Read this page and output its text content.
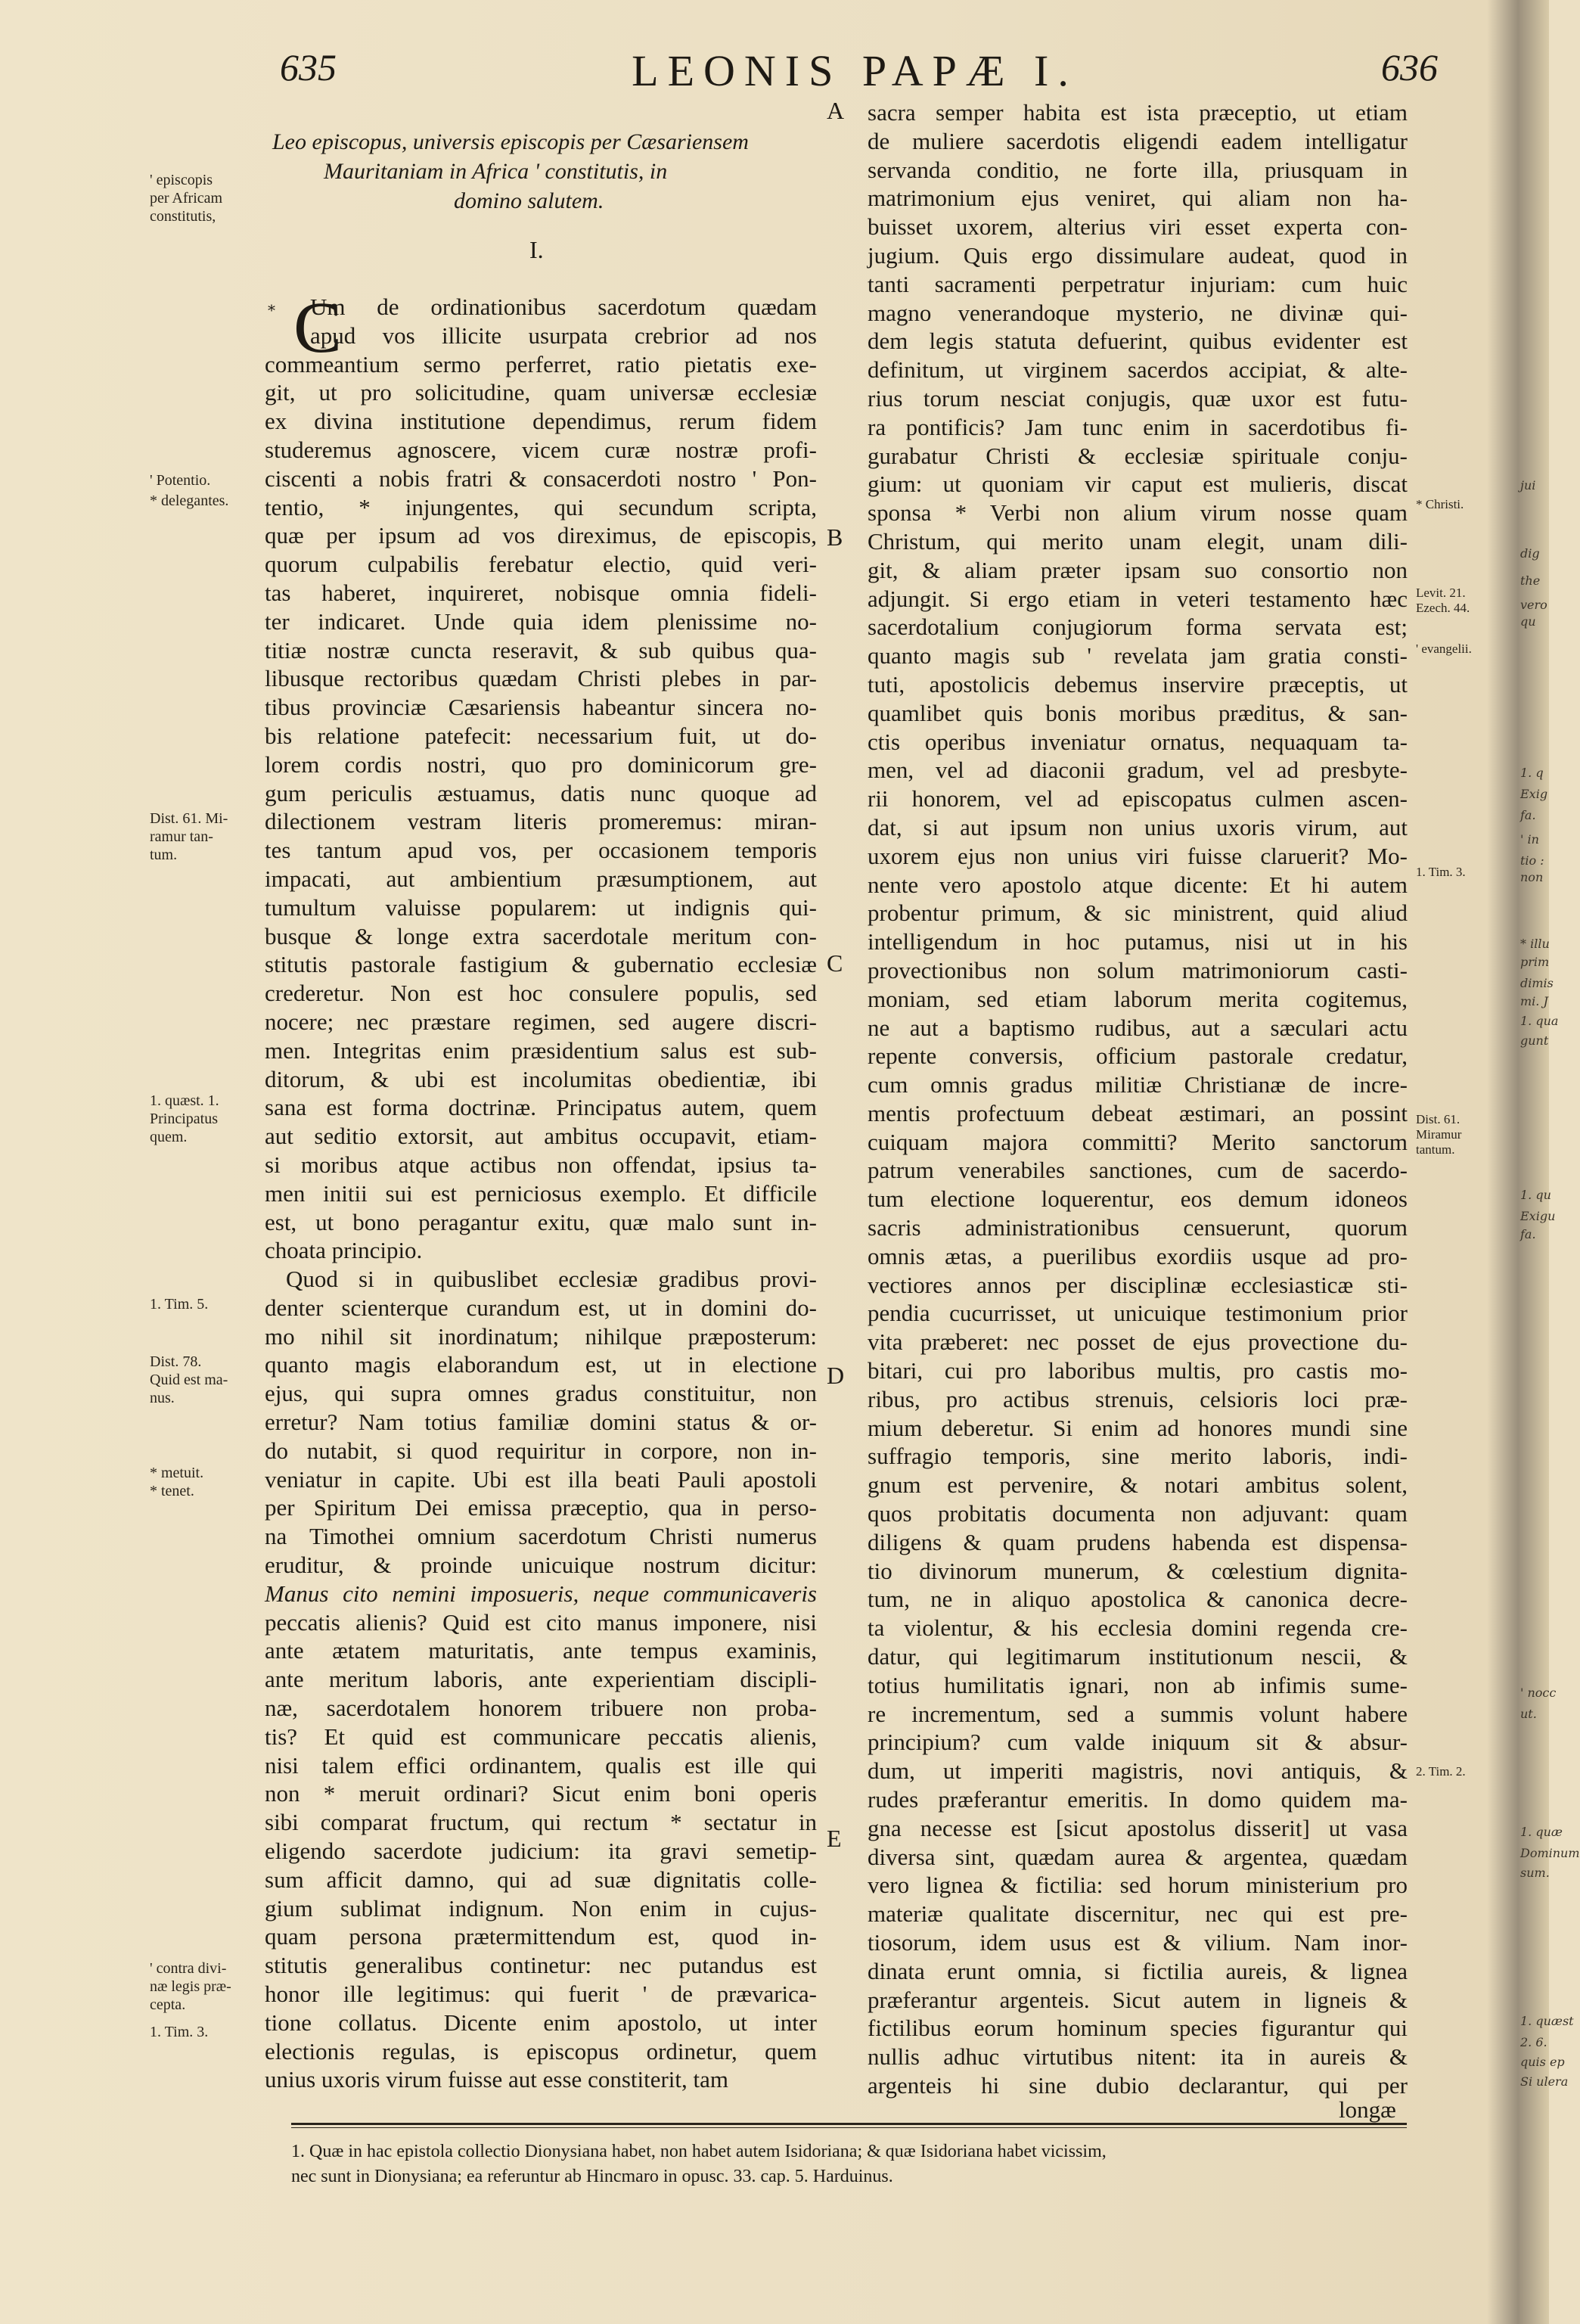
jui
dig
the
vero
qu
1. q
Exig
fa.
' in
tio :
non
* illu
prim
dimis
mi. J
1. qua
gunt
1. qu
Exigu
fa.
' nocc
ut.
1. quæ
Dominum
sum.
1. quæst
2. 6.
quis ep
Si ulera
635	LEONIS PAPÆ I.	636
Leo episcopus, universis episcopis per Cæsariensem
Mauritaniam in Africa ' constitutis, in
domino salutem.
I.
* C
Um de ordinationibus sacerdotum quædam
apud vos illicite usurpata crebrior ad nos
commeantium sermo perferret, ratio pietatis exe-
git, ut pro solicitudine, quam universæ ecclesiæ
ex divina institutione dependimus, rerum fidem
studeremus agnoscere, vicem curæ nostræ profi-
ciscenti a nobis fratri & consacerdoti nostro ' Pon-
tentio, * injungentes, qui secundum scripta,
quæ per ipsum ad vos direximus, de episcopis,
quorum culpabilis ferebatur electio, quid veri-
tas haberet, inquireret, nobisque omnia fideli-
ter indicaret. Unde quia idem plenissime no-
titiæ nostræ cuncta reseravit, & sub quibus qua-
libusque rectoribus quædam Christi plebes in par-
tibus provinciæ Cæsariensis habeantur sincera no-
bis relatione patefecit: necessarium fuit, ut do-
lorem cordis nostri, quo pro dominicorum gre-
gum periculis æstuamus, datis nunc quoque ad
dilectionem vestram literis promeremus: miran-
tes tantum apud vos, per occasionem temporis
impacati, aut ambientium præsumptionem, aut
tumultum valuisse popularem: ut indignis qui-
busque & longe extra sacerdotale meritum con-
stitutis pastorale fastigium & gubernatio ecclesiæ
crederetur. Non est hoc consulere populis, sed
nocere; nec præstare regimen, sed augere discri-
men. Integritas enim præsidentium salus est sub-
ditorum, & ubi est incolumitas obedientiæ, ibi
sana est forma doctrinæ. Principatus autem, quem
aut seditio extorsit, aut ambitus occupavit, etiam-
si moribus atque actibus non offendat, ipsius ta-
men initii sui est perniciosus exemplo. Et difficile
est, ut bono peragantur exitu, quæ malo sunt in-
choata principio.
Quod si in quibuslibet ecclesiæ gradibus provi-
denter scienterque curandum est, ut in domini do-
mo nihil sit inordinatum; nihilque præposterum:
quanto magis elaborandum est, ut in electione
ejus, qui supra omnes gradus constituitur, non
erretur? Nam totius familiæ domini status & or-
do nutabit, si quod requiritur in corpore, non in-
veniatur in capite. Ubi est illa beati Pauli apostoli
per Spiritum Dei emissa præceptio, qua in perso-
na Timothei omnium sacerdotum Christi numerus
eruditur, & proinde unicuique nostrum dicitur:
Manus cito nemini imposueris, neque communicaveris
peccatis alienis? Quid est cito manus imponere, nisi
ante ætatem maturitatis, ante tempus examinis,
ante meritum laboris, ante experientiam discipli-
næ, sacerdotalem honorem tribuere non proba-
tis? Et quid est communicare peccatis alienis,
nisi talem effici ordinantem, qualis est ille qui
non * meruit ordinari? Sicut enim boni operis
sibi comparat fructum, qui rectum * sectatur in
eligendo sacerdote judicium: ita gravi semetip-
sum afficit damno, qui ad suæ dignitatis colle-
gium sublimat indignum. Non enim in cujus-
quam persona prætermittendum est, quod in-
stitutis generalibus continetur: nec putandus est
honor ille legitimus: qui fuerit ' de prævarica-
tione collatus. Dicente enim apostolo, ut inter
electionis regulas, is episcopus ordinetur, quem
unius uxoris virum fuisse aut esse constiterit, tam
sacra semper habita est ista præceptio, ut etiam
de muliere sacerdotis eligendi eadem intelligatur
servanda conditio, ne forte illa, priusquam in
matrimonium ejus veniret, qui aliam non ha-
buisset uxorem, alterius viri esset experta con-
jugium. Quis ergo dissimulare audeat, quod in
tanti sacramenti perpetratur injuriam: cum huic
magno venerandoque mysterio, ne divinæ qui-
dem legis statuta defuerint, quibus evidenter est
definitum, ut virginem sacerdos accipiat, & alte-
rius torum nesciat conjugis, quæ uxor est futu-
ra pontificis? Jam tunc enim in sacerdotibus fi-
gurabatur Christi & ecclesiæ spirituale conju-
gium: ut quoniam vir caput est mulieris, discat
sponsa * Verbi non alium virum nosse quam
Christum, qui merito unam elegit, unam dili-
git, & aliam præter ipsam suo consortio non
adjungit. Si ergo etiam in veteri testamento hæc
sacerdotalium conjugiorum forma servata est;
quanto magis sub ' revelata jam gratia consti-
tuti, apostolicis debemus inservire præceptis, ut
quamlibet quis bonis moribus præditus, & san-
ctis operibus inveniatur ornatus, nequaquam ta-
men, vel ad diaconii gradum, vel ad presbyte-
rii honorem, vel ad episcopatus culmen ascen-
dat, si aut ipsum non unius uxoris virum, aut
uxorem ejus non unius viri fuisse claruerit? Mo-
nente vero apostolo atque dicente: Et hi autem
probentur primum, & sic ministrent, quid aliud
intelligendum in hoc putamus, nisi ut in his
provectionibus non solum matrimoniorum casti-
moniam, sed etiam laborum merita cogitemus,
ne aut a baptismo rudibus, aut a sæculari actu
repente conversis, officium pastorale credatur,
cum omnis gradus militiæ Christianæ de incre-
mentis profectuum debeat æstimari, an possint
cuiquam majora committi? Merito sanctorum
patrum venerabiles sanctiones, cum de sacerdo-
tum electione loquerentur, eos demum idoneos
sacris administrationibus censuerunt, quorum
omnis ætas, a puerilibus exordiis usque ad pro-
vectiores annos per disciplinæ ecclesiasticæ sti-
pendia cucurrisset, ut unicuique testimonium prior
vita præberet: nec posset de ejus provectione du-
bitari, cui pro laboribus multis, pro castis mo-
ribus, pro actibus strenuis, celsioris loci præ-
mium deberetur. Si enim ad honores mundi sine
suffragio temporis, sine merito laboris, indi-
gnum est pervenire, & notari ambitus solent,
quos probitatis documenta non adjuvant: quam
diligens & quam prudens habenda est dispensa-
tio divinorum munerum, & cœlestium dignita-
tum, ne in aliquo apostolica & canonica decre-
ta violentur, & his ecclesia domini regenda cre-
datur, qui legitimarum institutionum nescii, &
totius humilitatis ignari, non ab infimis sume-
re incrementum, sed a summis volunt habere
principium? cum valde iniquum sit & absur-
dum, ut imperiti magistris, novi antiquis, &
rudes præferantur emeritis. In domo quidem ma-
gna necesse est [sicut apostolus disserit] ut vasa
diversa sint, quædam aurea & argentea, quædam
vero lignea & fictilia: sed horum ministerium pro
materiæ qualitate discernitur, nec qui est pre-
tiosorum, idem usus est & vilium. Nam inor-
dinata erunt omnia, si fictilia aureis, & lignea
præferantur argenteis. Sicut autem in ligneis &
fictilibus eorum hominum species figurantur qui
nullis adhuc virtutibus nitent: ita in aureis &
argenteis hi sine dubio declarantur, qui per
longæ
' episcopis
per Africam
constitutis,
' Potentio.
* delegantes.
Dist. 61. Mi-
ramur tan-
tum.
1. quæst. 1.
Principatus
quem.
1. Tim. 5.
Dist. 78.
Quid est ma-
nus.
* metuit.
* tenet.
' contra divi-
næ legis præ-
cepta.
1. Tim. 3.
* Christi.
Levit. 21.
Ezech. 44.
' evangelii.
1. Tim. 3.
Dist. 61.
Miramur
tantum.
2. Tim. 2.
A
B
C
D
E
1. Quæ in hac epistola collectio Dionysiana habet, non habet autem Isidoriana; & quæ Isidoriana habet vicissim,
nec sunt in Dionysiana; ea referuntur ab Hincmaro in opusc. 33. cap. 5. Harduinus.
